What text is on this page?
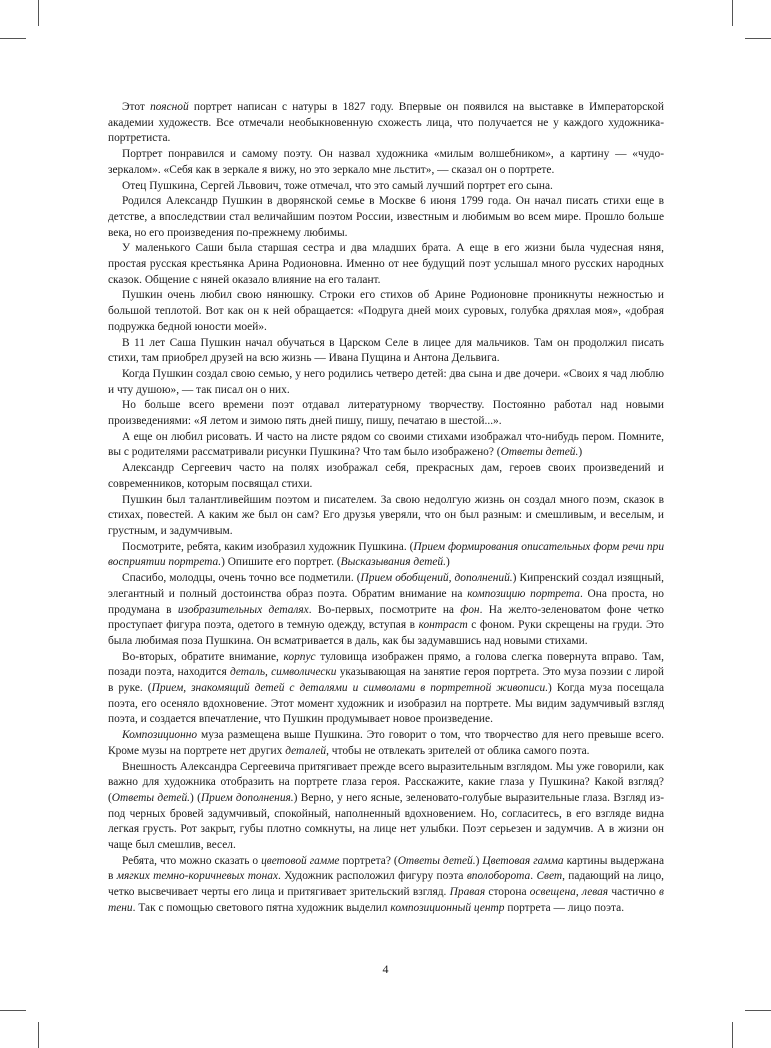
Этот поясной портрет написан с натуры в 1827 году. Впервые он появился на выставке в Императорской академии художеств. Все отмечали необыкновенную схожесть лица, что получается не у каждого художника-портретиста.

Портрет понравился и самому поэту. Он назвал художника «милым волшебником», а картину — «чудо-зеркалом». «Себя как в зеркале я вижу, но это зеркало мне льстит», — сказал он о портрете.

Отец Пушкина, Сергей Львович, тоже отмечал, что это самый лучший портрет его сына.

Родился Александр Пушкин в дворянской семье в Москве 6 июня 1799 года. Он начал писать стихи еще в детстве, а впоследствии стал величайшим поэтом России, известным и любимым во всем мире. Прошло больше века, но его произведения по-прежнему любимы.

У маленького Саши была старшая сестра и два младших брата. А еще в его жизни была чудесная няня, простая русская крестьянка Арина Родионовна. Именно от нее будущий поэт услышал много русских народных сказок. Общение с няней оказало влияние на его талант.

Пушкин очень любил свою нянюшку. Строки его стихов об Арине Родионовне проникнуты нежностью и большой теплотой. Вот как он к ней обращается: «Подруга дней моих суровых, голубка дряхлая моя», «добрая подружка бедной юности моей».

В 11 лет Саша Пушкин начал обучаться в Царском Селе в лицее для мальчиков. Там он продолжил писать стихи, там приобрел друзей на всю жизнь — Ивана Пущина и Антона Дельвига.

Когда Пушкин создал свою семью, у него родились четверо детей: два сына и две дочери. «Своих я чад люблю и чту душою», — так писал он о них.

Но больше всего времени поэт отдавал литературному творчеству. Постоянно работал над новыми произведениями: «Я летом и зимою пять дней пишу, пишу, печатаю в шестой...».

А еще он любил рисовать. И часто на листе рядом со своими стихами изображал что-нибудь пером. Помните, вы с родителями рассматривали рисунки Пушкина? Что там было изображено? (Ответы детей.)

Александр Сергеевич часто на полях изображал себя, прекрасных дам, героев своих произведений и современников, которым посвящал стихи.

Пушкин был талантливейшим поэтом и писателем. За свою недолгую жизнь он создал много поэм, сказок в стихах, повестей. А каким же был он сам? Его друзья уверяли, что он был разным: и смешливым, и веселым, и грустным, и задумчивым.

Посмотрите, ребята, каким изобразил художник Пушкина. (Прием формирования описательных форм речи при восприятии портрета.) Опишите его портрет. (Высказывания детей.)

Спасибо, молодцы, очень точно все подметили. (Прием обобщений, дополнений.) Кипренский создал изящный, элегантный и полный достоинства образ поэта. Обратим внимание на композицию портрета. Она проста, но продумана в изобразительных деталях. Во-первых, посмотрите на фон. На желто-зеленоватом фоне четко проступает фигура поэта, одетого в темную одежду, вступая в контраст с фоном. Руки скрещены на груди. Это была любимая поза Пушкина. Он всматривается в даль, как бы задумавшись над новыми стихами.

Во-вторых, обратите внимание, корпус туловища изображен прямо, а голова слегка повернута вправо. Там, позади поэта, находится деталь, символически указывающая на занятие героя портрета. Это муза поэзии с лирой в руке. (Прием, знакомящий детей с деталями и символами в портретной живописи.) Когда муза посещала поэта, его осеняло вдохновение. Этот момент художник и изобразил на портрете. Мы видим задумчивый взгляд поэта, и создается впечатление, что Пушкин продумывает новое произведение.

Композиционно муза размещена выше Пушкина. Это говорит о том, что творчество для него превыше всего. Кроме музы на портрете нет других деталей, чтобы не отвлекать зрителей от облика самого поэта.

Внешность Александра Сергеевича притягивает прежде всего выразительным взглядом. Мы уже говорили, как важно для художника отобразить на портрете глаза героя. Расскажите, какие глаза у Пушкина? Какой взгляд? (Ответы детей.) (Прием дополнения.) Верно, у него ясные, зеленовато-голубые выразительные глаза. Взгляд из-под черных бровей задумчивый, спокойный, наполненный вдохновением. Но, согласитесь, в его взгляде видна легкая грусть. Рот закрыт, губы плотно сомкнуты, на лице нет улыбки. Поэт серьезен и задумчив. А в жизни он чаще был смешлив, весел.

Ребята, что можно сказать о цветовой гамме портрета? (Ответы детей.) Цветовая гамма картины выдержана в мягких темно-коричневых тонах. Художник расположил фигуру поэта вполоборота. Свет, падающий на лицо, четко высвечивает черты его лица и притягивает зрительский взгляд. Правая сторона освещена, левая частично в тени. Так с помощью светового пятна художник выделил композиционный центр портрета — лицо поэта.

4
